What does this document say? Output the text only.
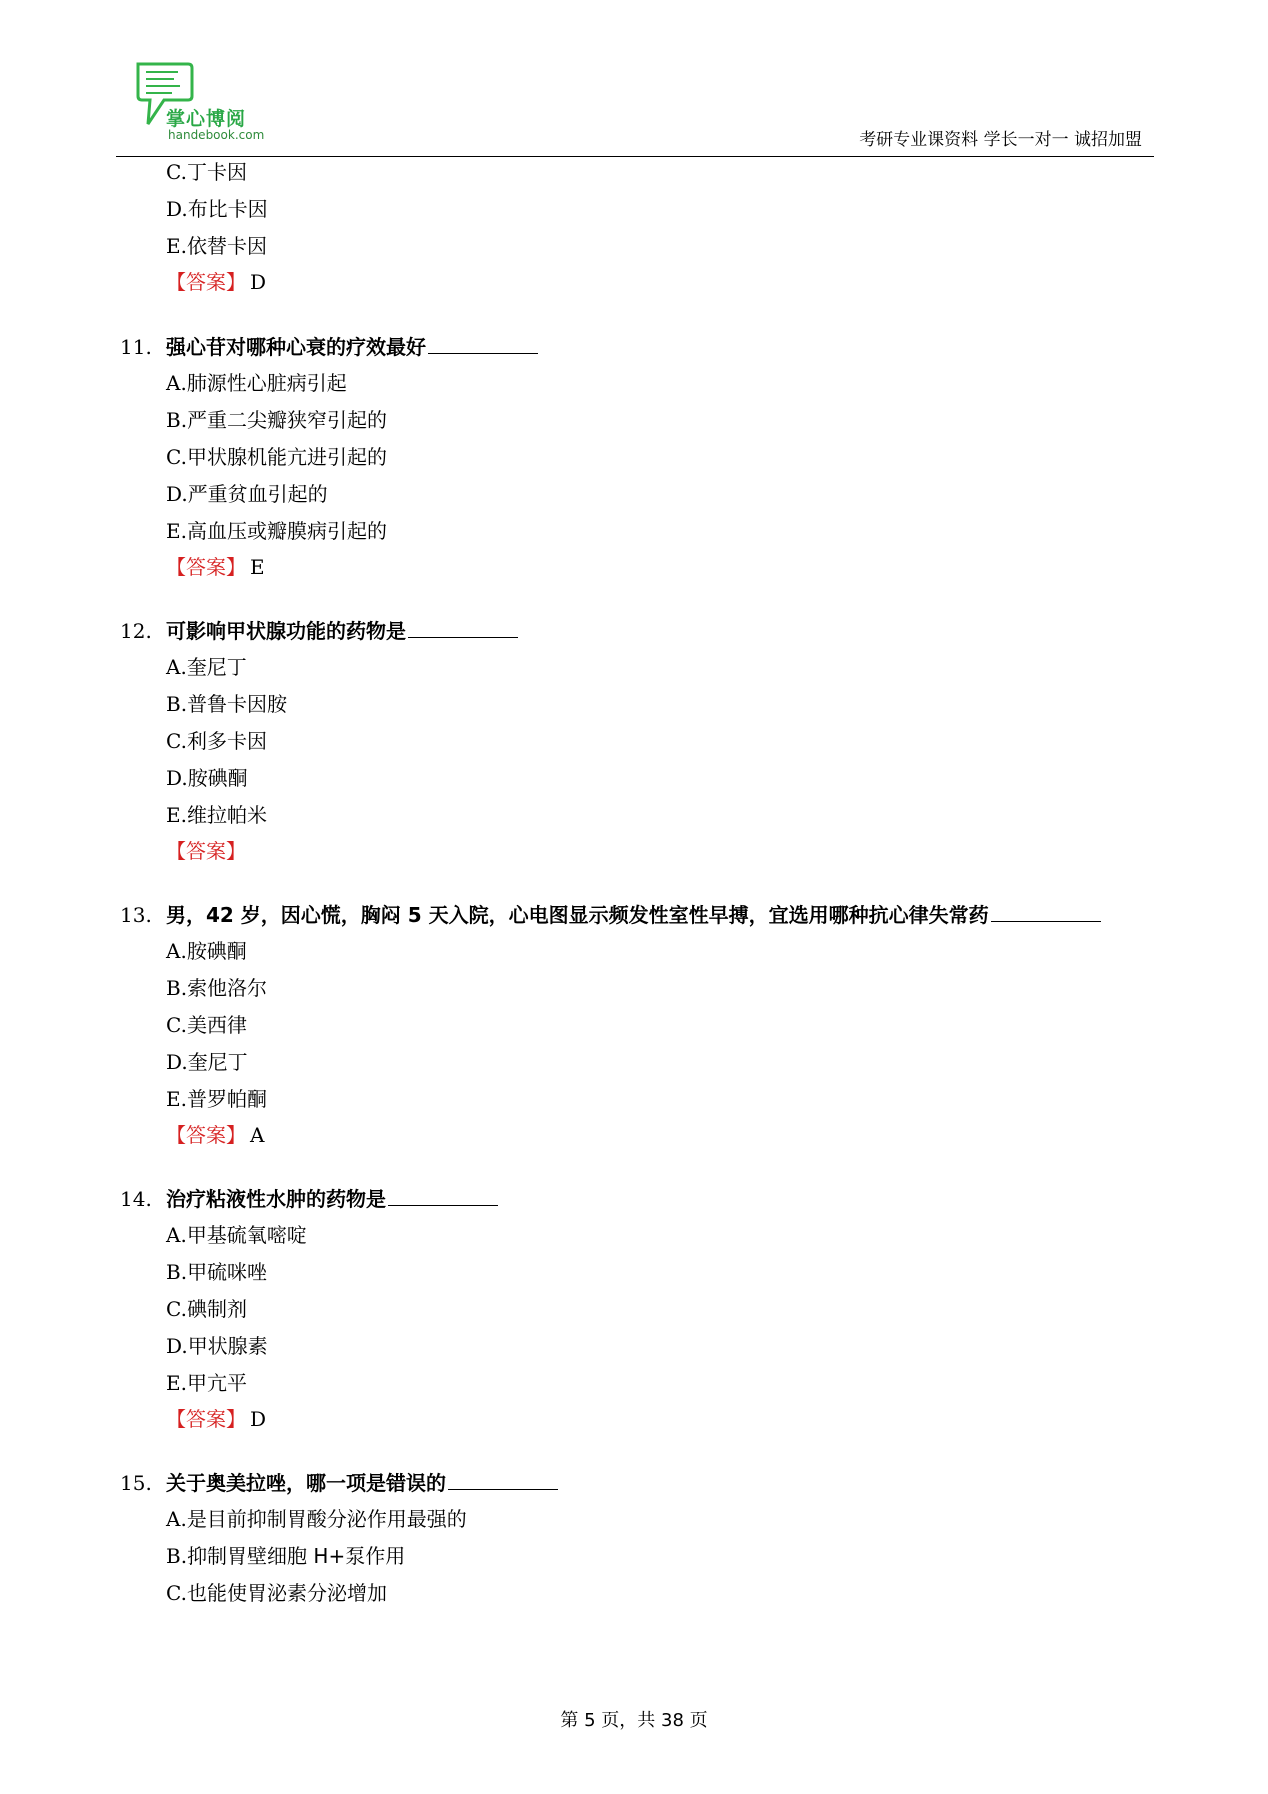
掌心博阅
handebook.com	考研专业课资料 学长一对一 诚招加盟
C.丁卡因
D.布比卡因
E.依替卡因
【答案】 D
11. 强心苷对哪种心衰的疗效最好
A.肺源性心脏病引起
B.严重二尖瓣狭窄引起的
C.甲状腺机能亢进引起的
D.严重贫血引起的
E.高血压或瓣膜病引起的
【答案】 E
12. 可影响甲状腺功能的药物是
A.奎尼丁
B.普鲁卡因胺
C.利多卡因
D.胺碘酮
E.维拉帕米
【答案】
13. 男，42 岁，因心慌，胸闷 5 天入院，心电图显示频发性室性早搏，宜选用哪种抗心律失常药
A.胺碘酮
B.索他洛尔
C.美西律
D.奎尼丁
E.普罗帕酮
【答案】 A
14. 治疗粘液性水肿的药物是
A.甲基硫氧嘧啶
B.甲硫咪唑
C.碘制剂
D.甲状腺素
E.甲亢平
【答案】 D
15. 关于奥美拉唑，哪一项是错误的
A.是目前抑制胃酸分泌作用最强的
B.抑制胃壁细胞 H+泵作用
C.也能使胃泌素分泌增加
第 5 页，共 38 页
